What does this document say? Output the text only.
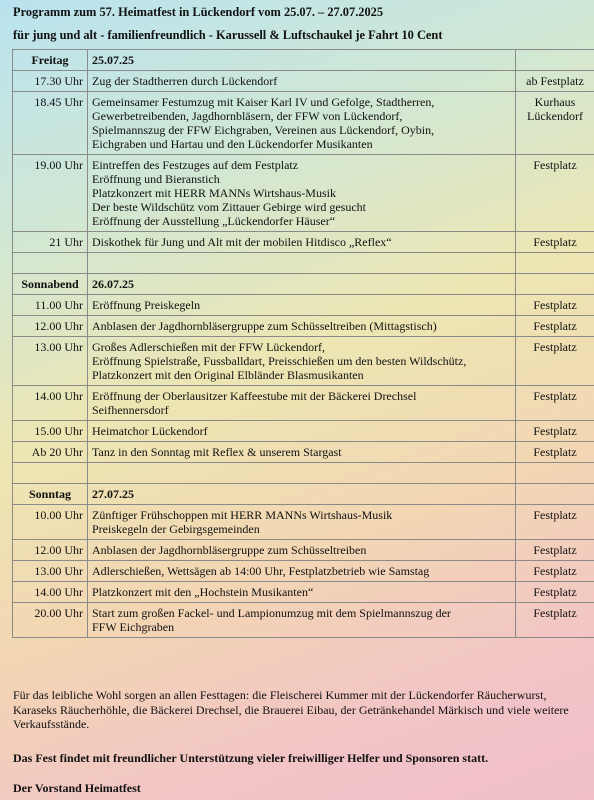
Programm zum 57. Heimatfest in Lückendorf vom 25.07. – 27.07.2025
für jung und alt - familienfreundlich - Karussell & Luftschaukel je Fahrt 10 Cent
Freitag	25.07.25	
17.30 Uhr	Zug der Stadtherren durch Lückendorf	ab Festplatz

18.45 Uhr	Gemeinsamer Festumzug mit Kaiser Karl IV und Gefolge, Stadtherren,
Gewerbetreibenden, Jagdhornbläsern, der FFW von Lückendorf,
Spielmannszug der FFW Eichgraben, Vereinen aus Lückendorf, Oybin,
Eichgraben und Hartau und den Lückendorfer Musikanten	Kurhaus
Lückendorf

19.00 Uhr	Eintreffen des Festzuges auf dem Festplatz
Eröffnung und Bieranstich
Platzkonzert mit HERR MANNs Wirtshaus-Musik
Der beste Wildschütz vom Zittauer Gebirge wird gesucht
Eröffnung der Ausstellung „Lückendorfer Häuser“	Festplatz

21 Uhr	Diskothek für Jung und Alt mit der mobilen Hitdisco „Reflex“	Festplatz

Sonnabend	26.07.25	
11.00 Uhr	Eröffnung Preiskegeln	Festplatz

12.00 Uhr	Anblasen der Jagdhornbläsergruppe zum Schüsseltreiben (Mittagstisch)	Festplatz

13.00 Uhr	Großes Adlerschießen mit der FFW Lückendorf,
Eröffnung Spielstraße, Fussballdart, Preisschießen um den besten Wildschütz,
Platzkonzert mit den Original Elbländer Blasmusikanten	Festplatz

14.00 Uhr	Eröffnung der Oberlausitzer Kaffeestube mit der Bäckerei Drechsel
Seifhennersdorf	Festplatz

15.00 Uhr	Heimatchor Lückendorf	Festplatz

Ab 20 Uhr	Tanz in den Sonntag mit Reflex & unserem Stargast	Festplatz

Sonntag	27.07.25	
10.00 Uhr	Zünftiger Frühschoppen mit HERR MANNs Wirtshaus-Musik
Preiskegeln der Gebirgsgemeinden	Festplatz

12.00 Uhr	Anblasen der Jagdhornbläsergruppe zum Schüsseltreiben	Festplatz

13.00 Uhr	Adlerschießen, Wettsägen ab 14:00 Uhr, Festplatzbetrieb wie Samstag	Festplatz

14.00 Uhr	Platzkonzert mit den „Hochstein Musikanten“	Festplatz

20.00 Uhr	Start zum großen Fackel- und Lampionumzug mit dem Spielmannszug der
FFW Eichgraben	Festplatz
Für das leibliche Wohl sorgen an allen Festtagen: die Fleischerei Kummer mit der Lückendorfer Räucherwurst, Karaseks Räucherhöhle, die Bäckerei Drechsel, die Brauerei Eibau, der Getränkehandel Märkisch und viele weitere Verkaufsstände.
Das Fest findet mit freundlicher Unterstützung vieler freiwilliger Helfer und Sponsoren statt.
Der Vorstand Heimatfest
